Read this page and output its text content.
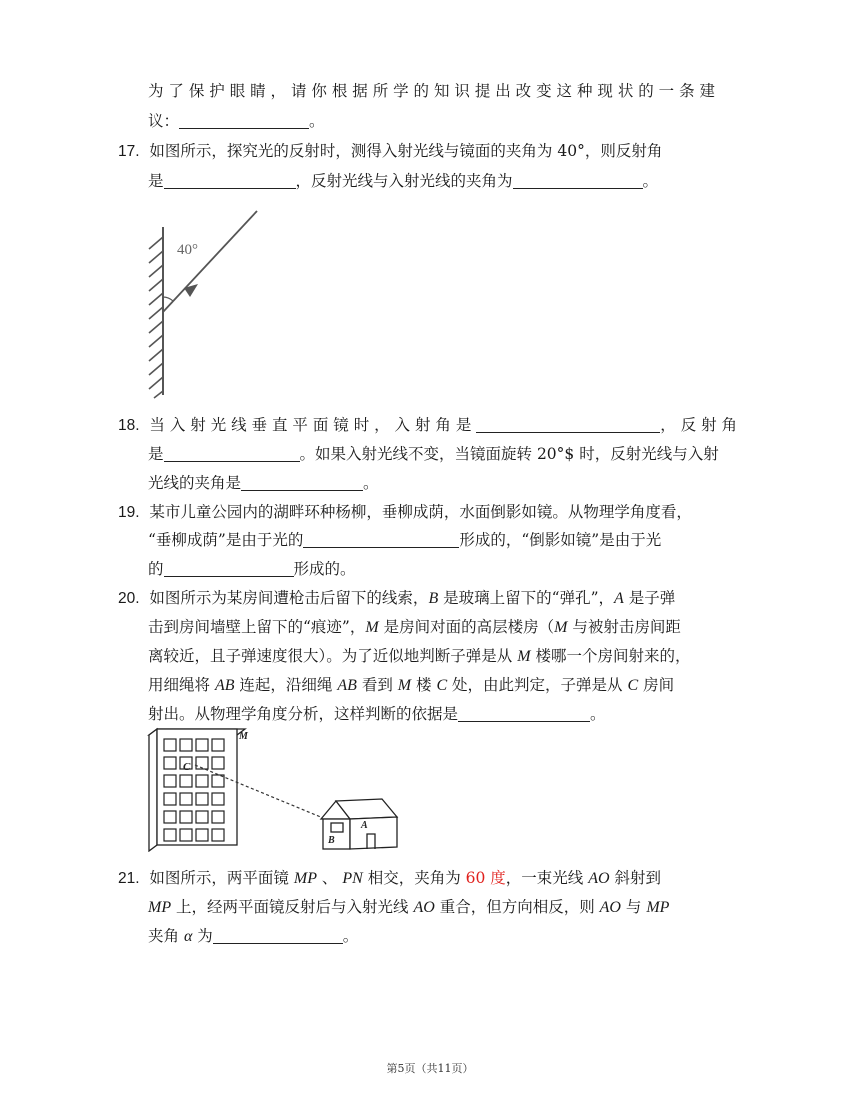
为 了 保 护 眼 睛 ， 请 你 根 据 所 学 的 知 识 提 出 改 变 这 种 现 状 的 一 条 建
议：	。
17. 如图所示，探究光的反射时，测得入射光线与镜面的夹角为 40°，则反射角
是	，反射光线与入射光线的夹角为	。
40°
18. 当 入 射 光 线 垂 直 平 面 镜 时 ， 入 射 角 是	， 反 射 角
是	。如果入射光线不变，当镜面旋转 20°$ 时，反射光线与入射
光线的夹角是	。
19. 某市儿童公园内的湖畔环种杨柳，垂柳成荫，水面倒影如镜。从物理学角度看，
“垂柳成荫”是由于光的	形成的，“倒影如镜”是由于光
的	形成的。
20. 如图所示为某房间遭枪击后留下的线索，B 是玻璃上留下的“弹孔”，A 是子弹
击到房间墙壁上留下的“痕迹”，M 是房间对面的高层楼房（M 与被射击房间距
离较近，且子弹速度很大）。为了近似地判断子弹是从 M 楼哪一个房间射来的，
用细绳将 AB 连起，沿细绳 AB 看到 M 楼 C 处，由此判定，子弹是从 C 房间
射出。从物理学角度分析，这样判断的依据是	。
M
C
A
B
21. 如图所示，两平面镜 MP 、 PN 相交，夹角为 60 度，一束光线 AO 斜射到
MP 上，经两平面镜反射后与入射光线 AO 重合，但方向相反，则 AO 与 MP
夹角 α 为	。
第5页（共11页）
